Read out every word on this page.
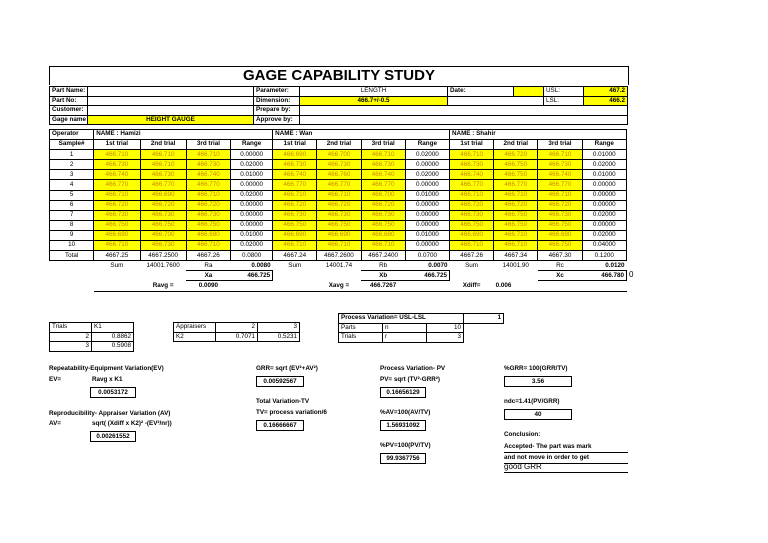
GAGE CAPABILITY STUDY
Part Name:		Parameter:	LENGTH	Date:			USL:	467.2
Part No:		Dimension:	466.7+/-0.5				LSL:	466.2
Customer:		Prepare by:						
Gage name	HEIGHT GAUGE	Approve by:						
Operator	NAME : Hamizi				NAME : Wan				NAME : Shahir			
Sample#	1st trial	2nd trial	3rd trial	Range	1st trial	2nd trial	3rd trial	Range	1st trial	2nd trial	3rd trial	Range
1	466.710	466.710	466.710	0.00000	466.690	466.700	466.710	0.02000	466.710	466.720	466.710	0.01000
2	466.730	466.710	466.730	0.02000	466.730	466.730	466.730	0.00000	466.730	466.750	466.730	0.02000
3	466.740	466.730	466.740	0.01000	466.740	466.760	466.740	0.02000	466.740	466.750	466.740	0.01000
4	466.770	466.770	466.770	0.00000	466.770	466.770	466.770	0.00000	466.770	466.770	466.770	0.00000
5	466.710	466.690	466.710	0.02000	466.710	466.710	466.700	0.01000	466.710	466.710	466.710	0.00000
6	466.720	466.720	466.720	0.00000	466.720	466.720	466.720	0.00000	466.720	466.720	466.720	0.00000
7	466.730	466.730	466.730	0.00000	466.730	466.730	466.730	0.00000	466.730	466.750	466.730	0.02000
8	466.750	466.750	466.750	0.00000	466.750	466.750	466.750	0.00000	466.750	466.750	466.750	0.00000
9	466.690	466.700	466.690	0.01000	466.690	466.690	466.680	0.01000	466.690	466.710	466.690	0.02000
10	466.710	466.730	466.710	0.02000	466.710	466.710	466.710	0.00000	466.710	466.710	466.750	0.04000
Total	4667.25	4667.2500	4667.26	0.0800	4667.24	4667.2600	4667.2400	0.0700	4667.26	4667.34	4667.30	0.1200
	Sum	14001.7600	Ra	0.0080	Sum	14001.74	Rb	0.0070	Sum	14001.90	Rc	0.0120
			Xa	466.725			Xb	466.725			Xc	466.780 0

		Ravg =	0.0090			Xavg =	466.7267		Xdiff=	0.006		
Process Variation= USL-LSL			1
Parts	n	10	
Trials	r	3	
Trials	K1
2	0.8862
3	0.5908
Appraisers	2	3
K2	0.7071	0.5231
Repeatability-Equipment Variation(EV)
EV=	Ravg x K1
0.0053172
Reproducibility- Appraiser Variation (AV)
AV=	sqrt( (Xdiff x K2)² -(EV²/nr))
0.00261552
GRR= sqrt (EV²+AV²)
0.00592567
Total Variation-TV
TV= process variation/6
0.16666667
Process Variation- PV
PV= sqrt (TV²-GRR²)
0.16656129
%AV=100(AV/TV)
1.56931092
%PV=100(PV/TV)
99.9367756
%GRR= 100(GRR/TV)
3.56
ndc=1.41(PV/GRR)
40
Conclusion:
Accepted- The part was mark
and not move in order to get
good GRR
